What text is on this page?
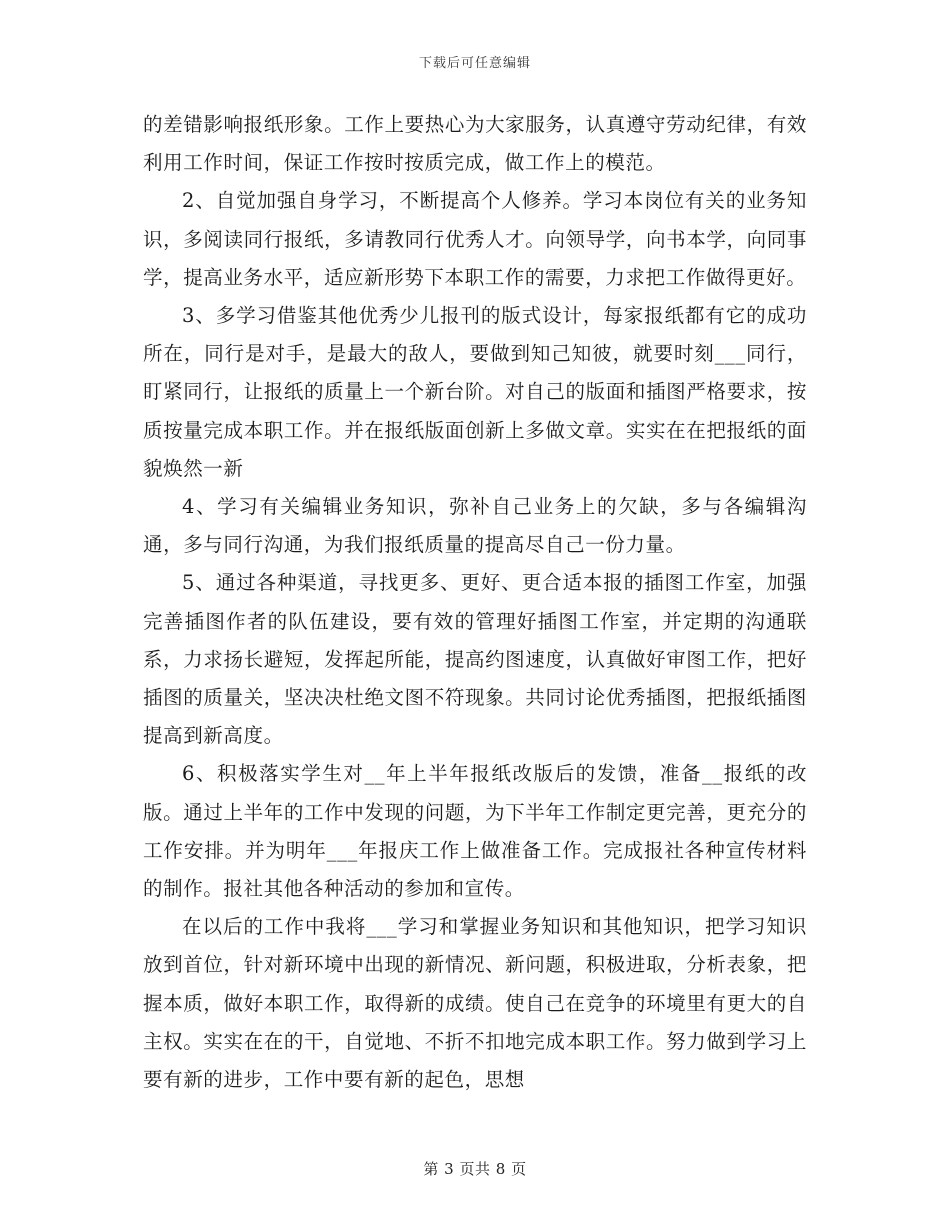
下载后可任意编辑

的差错影响报纸形象。工作上要热心为大家服务，认真遵守劳动纪律，有效利用工作时间，保证工作按时按质完成，做工作上的模范。

2、自觉加强自身学习，不断提高个人修养。学习本岗位有关的业务知识，多阅读同行报纸，多请教同行优秀人才。向领导学，向书本学，向同事学，提高业务水平，适应新形势下本职工作的需要，力求把工作做得更好。

3、多学习借鉴其他优秀少儿报刊的版式设计，每家报纸都有它的成功所在，同行是对手，是最大的敌人，要做到知己知彼，就要时刻___同行，盯紧同行，让报纸的质量上一个新台阶。对自己的版面和插图严格要求，按质按量完成本职工作。并在报纸版面创新上多做文章。实实在在把报纸的面貌焕然一新

4、学习有关编辑业务知识，弥补自己业务上的欠缺，多与各编辑沟通，多与同行沟通，为我们报纸质量的提高尽自己一份力量。

5、通过各种渠道，寻找更多、更好、更合适本报的插图工作室，加强完善插图作者的队伍建设，要有效的管理好插图工作室，并定期的沟通联系，力求扬长避短，发挥起所能，提高约图速度，认真做好审图工作，把好插图的质量关，坚决决杜绝文图不符现象。共同讨论优秀插图，把报纸插图提高到新高度。

6、积极落实学生对__年上半年报纸改版后的发馈，准备__报纸的改版。通过上半年的工作中发现的问题，为下半年工作制定更完善，更充分的工作安排。并为明年___年报庆工作上做准备工作。完成报社各种宣传材料的制作。报社其他各种活动的参加和宣传。

在以后的工作中我将___学习和掌握业务知识和其他知识，把学习知识放到首位，针对新环境中出现的新情况、新问题，积极进取，分析表象，把握本质，做好本职工作，取得新的成绩。使自己在竞争的环境里有更大的自主权。实实在在的干，自觉地、不折不扣地完成本职工作。努力做到学习上要有新的进步，工作中要有新的起色，思想

第 3 页共 8 页
